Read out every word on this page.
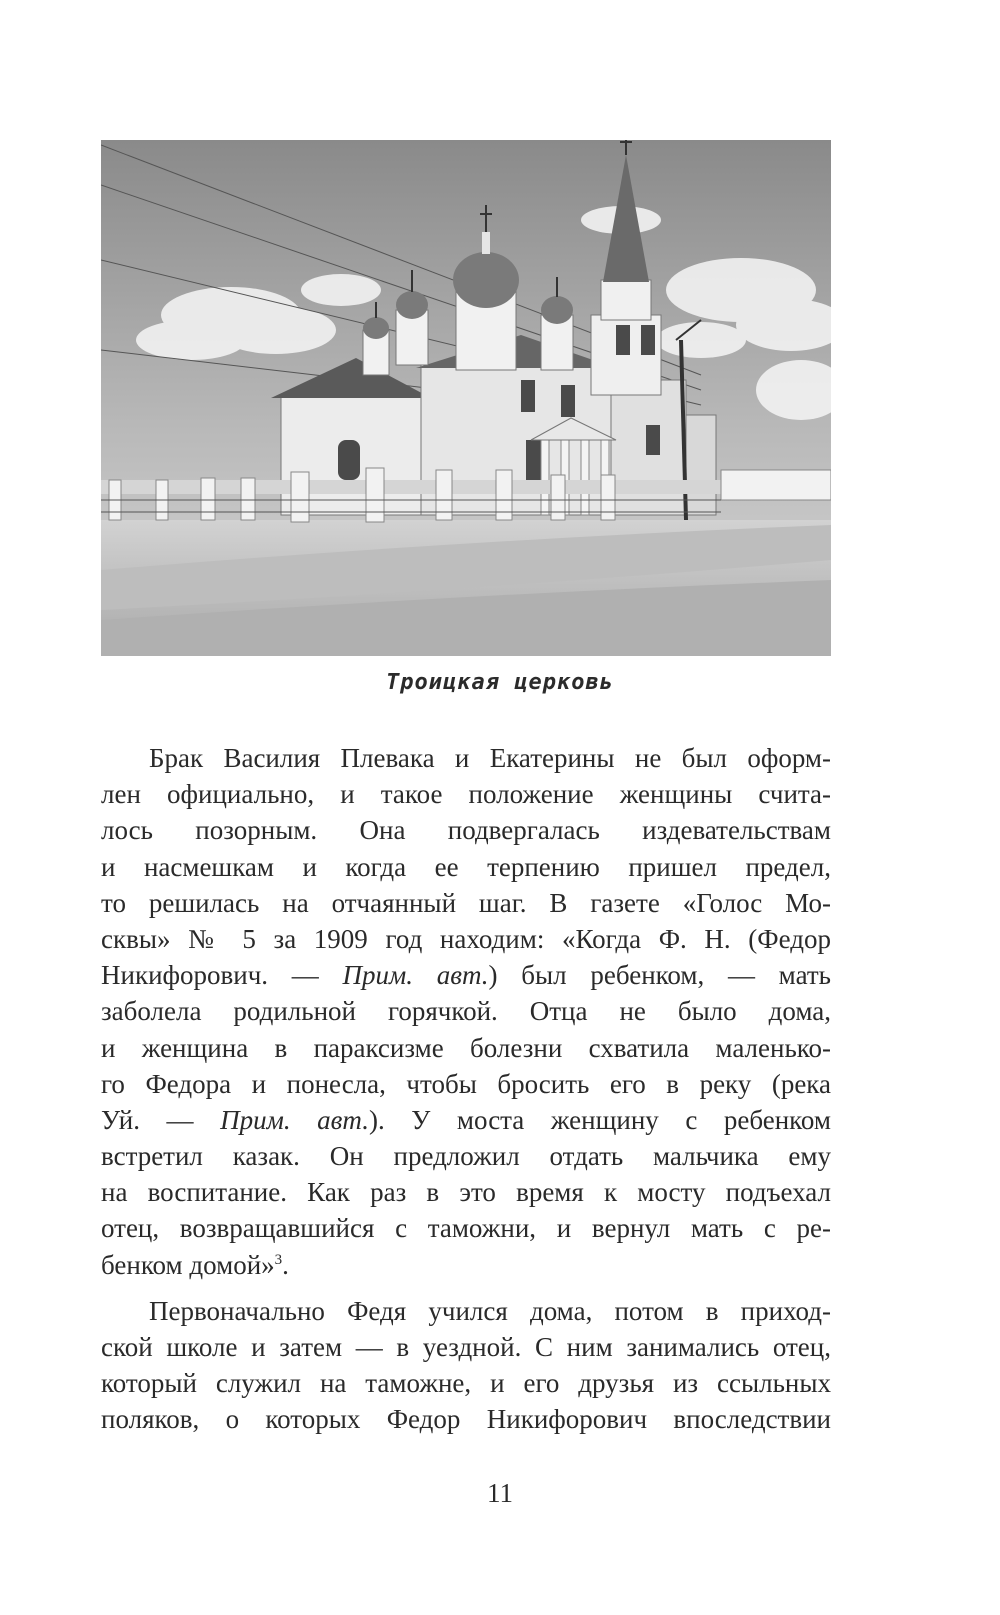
Троицкая церковь
Брак Василия Плевака и Екатерины не был оформ-
лен официально, и такое положение женщины счита-
лось позорным. Она подвергалась издевательствам
и насмешкам и когда ее терпению пришел предел,
то решилась на отчаянный шаг. В газете «Голос Мо-
сквы» № 5 за 1909 год находим: «Когда Ф. Н. (Федор
Никифорович. — Прим. авт.) был ребенком, — мать
заболела родильной горячкой. Отца не было дома,
и женщина в параксизме болезни схватила маленько-
го Федора и понесла, чтобы бросить его в реку (река
Уй. — Прим. авт.). У моста женщину с ребенком
встретил казак. Он предложил отдать мальчика ему
на воспитание. Как раз в это время к мосту подъехал
отец, возвращавшийся с таможни, и вернул мать с ре-
бенком домой»$^3$.
Первоначально Федя учился дома, потом в приход-
ской школе и затем — в уездной. С ним занимались отец,
который служил на таможне, и его друзья из ссыльных
поляков, о которых Федор Никифорович впоследствии
11
